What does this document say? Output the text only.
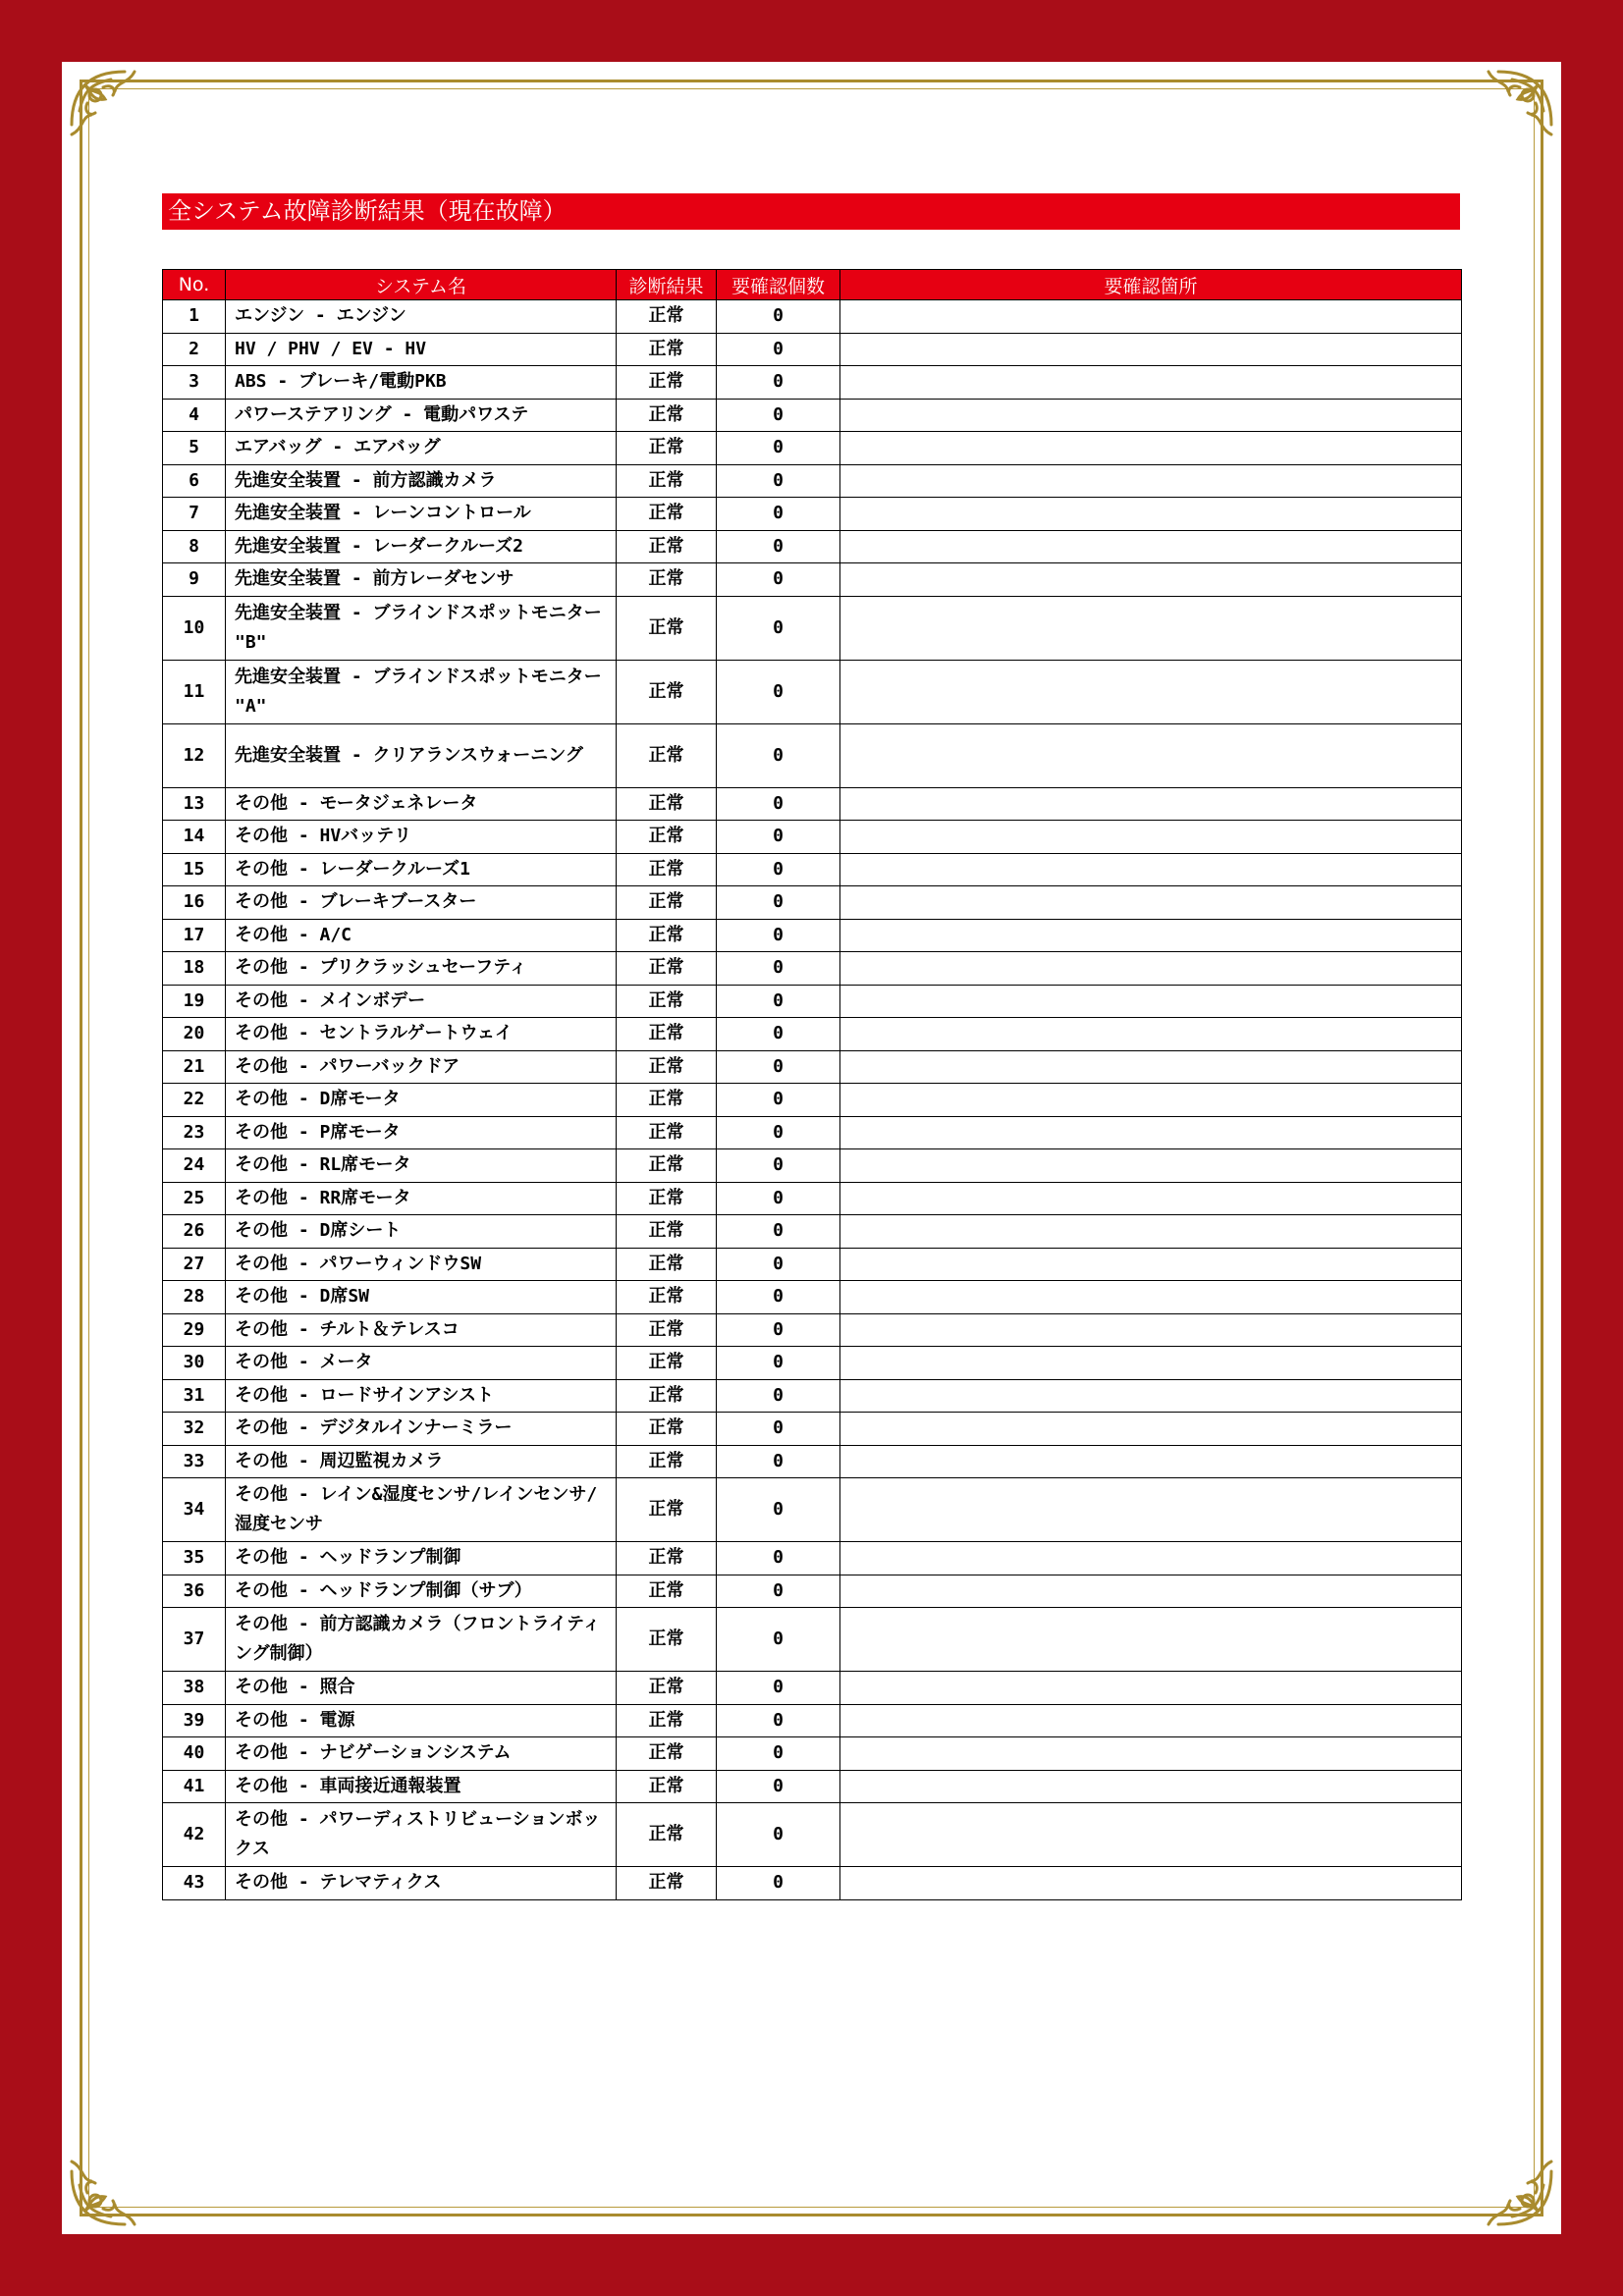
全システム故障診断結果（現在故障）
No.	システム名	診断結果	要確認個数	要確認箇所
1	エンジン - エンジン	正常	0	
2	HV / PHV / EV - HV	正常	0	
3	ABS - ブレーキ/電動PKB	正常	0	
4	パワーステアリング - 電動パワステ	正常	0	
5	エアバッグ - エアバッグ	正常	0	
6	先進安全装置 - 前方認識カメラ	正常	0	
7	先進安全装置 - レーンコントロール	正常	0	
8	先進安全装置 - レーダークルーズ2	正常	0	
9	先進安全装置 - 前方レーダセンサ	正常	0	
10	先進安全装置 - ブラインドスポットモニター "B"	正常	0	
11	先進安全装置 - ブラインドスポットモニター "A"	正常	0	
12	先進安全装置 - クリアランスウォーニング	正常	0	
13	その他 - モータジェネレータ	正常	0	
14	その他 - HVバッテリ	正常	0	
15	その他 - レーダークルーズ1	正常	0	
16	その他 - ブレーキブースター	正常	0	
17	その他 - A/C	正常	0	
18	その他 - プリクラッシュセーフティ	正常	0	
19	その他 - メインボデー	正常	0	
20	その他 - セントラルゲートウェイ	正常	0	
21	その他 - パワーバックドア	正常	0	
22	その他 - D席モータ	正常	0	
23	その他 - P席モータ	正常	0	
24	その他 - RL席モータ	正常	0	
25	その他 - RR席モータ	正常	0	
26	その他 - D席シート	正常	0	
27	その他 - パワーウィンドウSW	正常	0	
28	その他 - D席SW	正常	0	
29	その他 - チルト＆テレスコ	正常	0	
30	その他 - メータ	正常	0	
31	その他 - ロードサインアシスト	正常	0	
32	その他 - デジタルインナーミラー	正常	0	
33	その他 - 周辺監視カメラ	正常	0	
34	その他 - レイン&湿度センサ/レインセンサ/湿度センサ	正常	0	
35	その他 - ヘッドランプ制御	正常	0	
36	その他 - ヘッドランプ制御（サブ）	正常	0	
37	その他 - 前方認識カメラ（フロントライティング制御）	正常	0	
38	その他 - 照合	正常	0	
39	その他 - 電源	正常	0	
40	その他 - ナビゲーションシステム	正常	0	
41	その他 - 車両接近通報装置	正常	0	
42	その他 - パワーディストリビューションボックス	正常	0	
43	その他 - テレマティクス	正常	0	
